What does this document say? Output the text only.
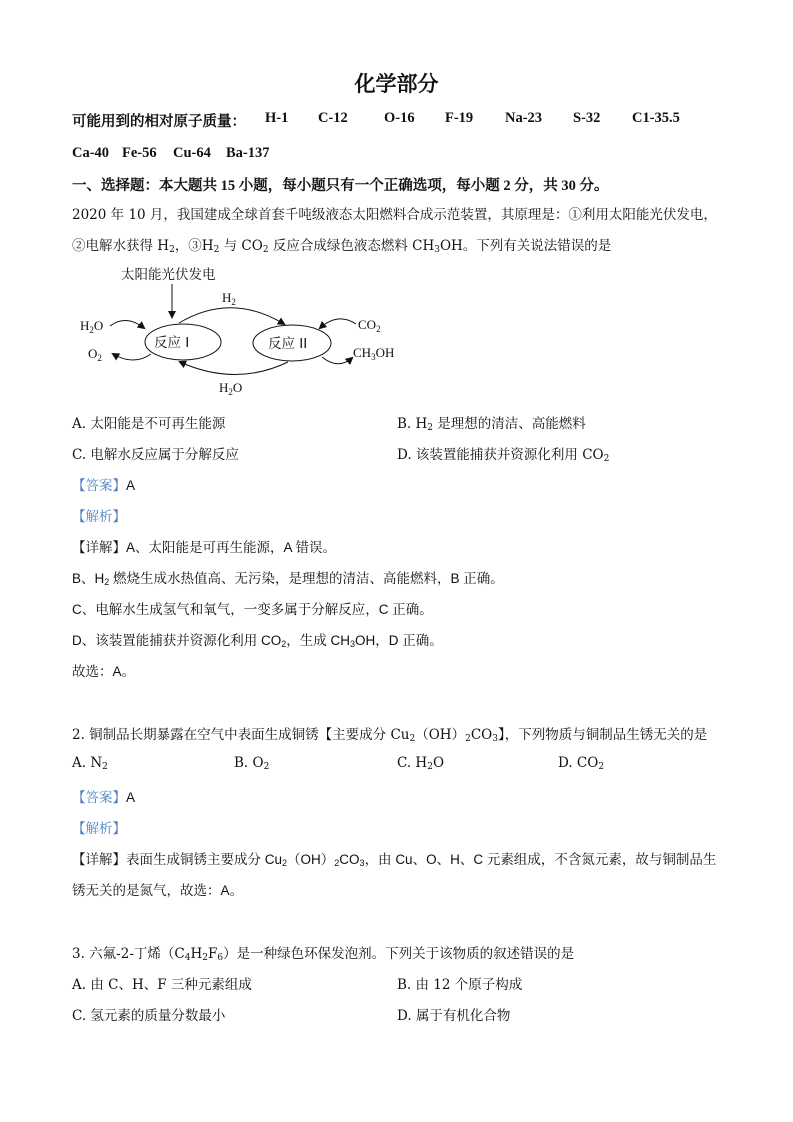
化学部分
可能用到的相对原子质量： H-1 C-12 O-16 F-19 Na-23 S-32 C1-35.5
Ca-40 Fe-56 Cu-64 Ba-137
一、选择题：本大题共 15 小题，每小题只有一个正确选项，每小题 2 分，共 30 分。
2020 年 10 月，我国建成全球首套千吨级液态太阳燃料合成示范装置，其原理是：①利用太阳能光伏发电，
②电解水获得 $H_2$，$③H_2$ 与 $CO_2$ 反应合成绿色液态燃料 $CH_3OH$。下列有关说法错误的是
太阳能光伏发电
反应 I	反应 II
$H_2$
$H_2O$
$O_2$
$CO_2$
$CH_3OH$
$H_2O$
A. 太阳能是不可再生能源	B. $H_2$ 是理想的清洁、高能燃料
C. 电解水反应属于分解反应	D. 该装置能捕获并资源化利用 $CO_2$
【答案】A
【解析】
【详解】A、太阳能是可再生能源，A 错误。
B、$H_2$ 燃烧生成水热值高、无污染，是理想的清洁、高能燃料，B 正确。
C、电解水生成氢气和氧气，一变多属于分解反应，C 正确。
D、该装置能捕获并资源化利用 $CO_2$，生成 $CH_3OH$，D 正确。
故选：A。
2. 铜制品长期暴露在空气中表面生成铜锈【主要成分 $Cu_2(OH)_2CO_3$】，下列物质与铜制品生锈无关的是
A. $N_2$	B. $O_2$	C. $H_2O$	D. $CO_2$
【答案】A
【解析】
【详解】表面生成铜锈主要成分 $Cu_2(OH)_2CO_3$，由 Cu、O、H、C 元素组成，不含氮元素，故与铜制品生
锈无关的是氮气，故选：A。
3. 六氟-2-丁烯$(C_4H_2F_6)$是一种绿色环保发泡剂。下列关于该物质的叙述错误的是
A. 由 C、H、F 三种元素组成	B. 由 12 个原子构成
C. 氢元素的质量分数最小	D. 属于有机化合物
